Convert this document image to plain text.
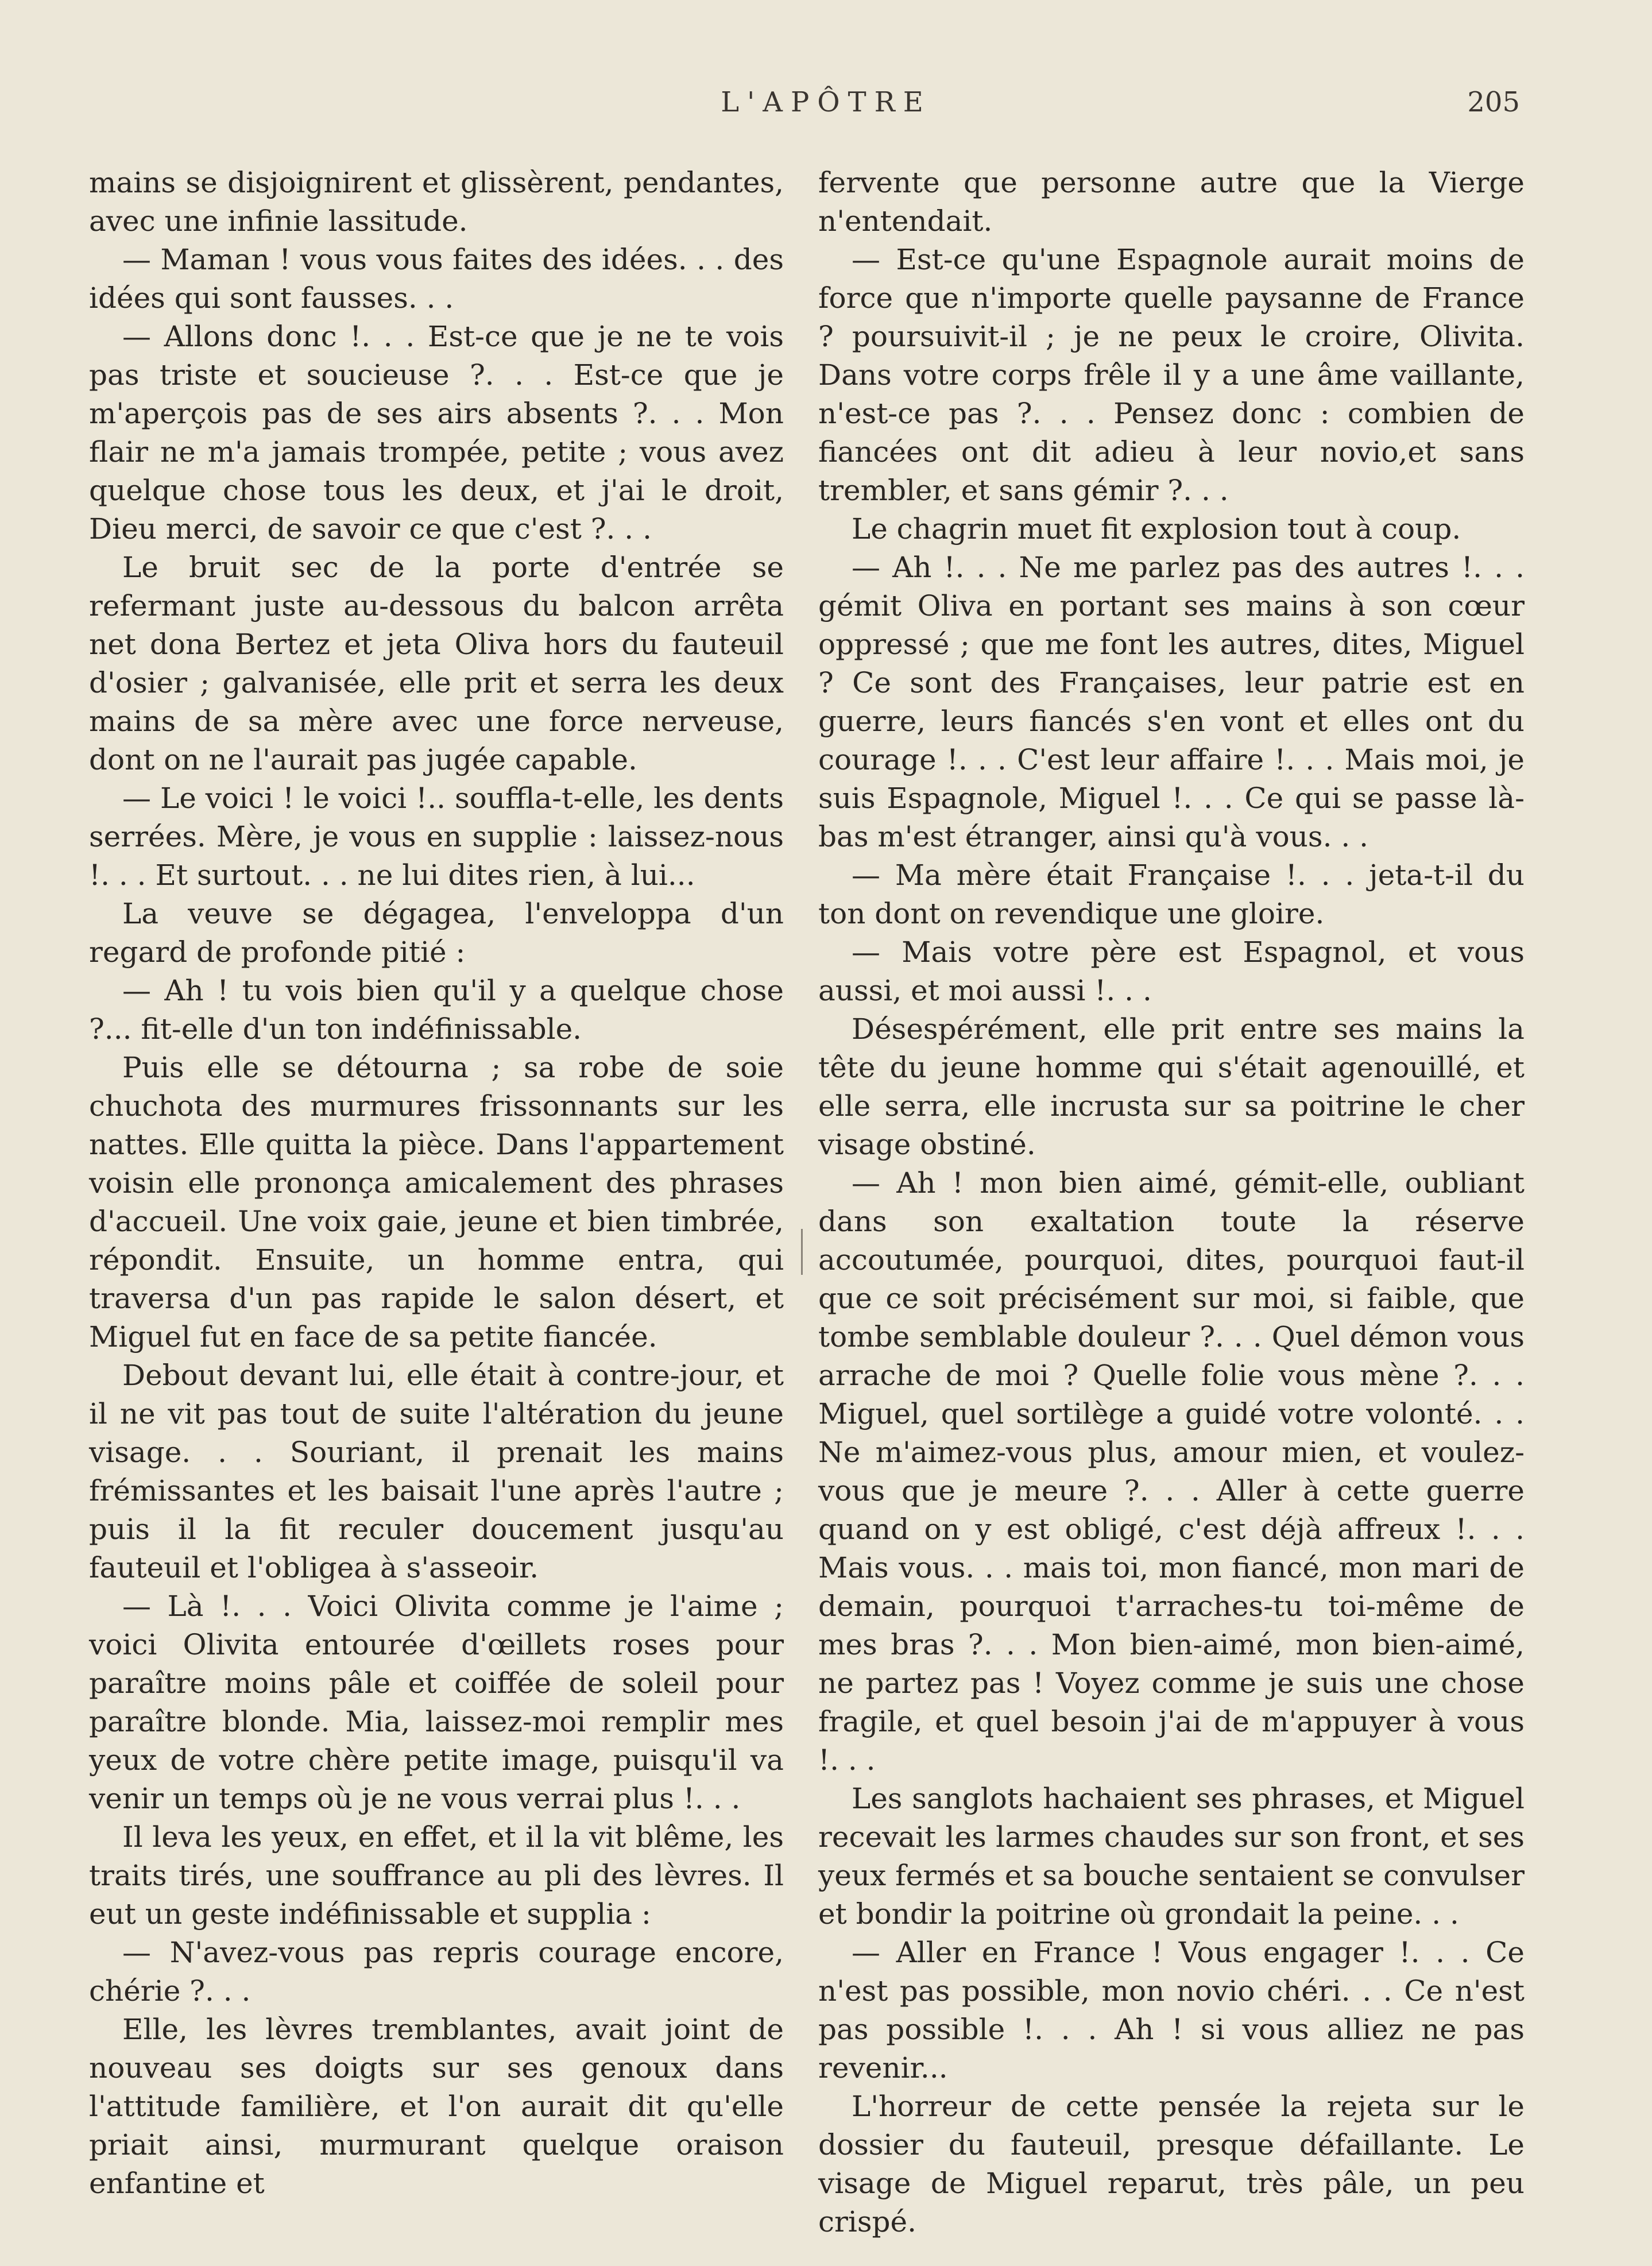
L'APÔTRE	205

mains se disjoignirent et glissèrent, pendantes, avec une infinie lassitude.

— Maman ! vous vous faites des idées. . . des idées qui sont fausses. . .

— Allons donc !. . . Est-ce que je ne te vois pas triste et soucieuse ?. . . Est-ce que je m'aperçois pas de ses airs absents ?. . . Mon flair ne m'a jamais trompée, petite ; vous avez quelque chose tous les deux, et j'ai le droit, Dieu merci, de savoir ce que c'est ?. . .

Le bruit sec de la porte d'entrée se refermant juste au-dessous du balcon arrêta net dona Bertez et jeta Oliva hors du fauteuil d'osier ; galvanisée, elle prit et serra les deux mains de sa mère avec une force nerveuse, dont on ne l'aurait pas jugée capable.

— Le voici ! le voici !.. souffla-t-elle, les dents serrées. Mère, je vous en supplie : laissez-nous !. . . Et surtout. . . ne lui dites rien, à lui...

La veuve se dégagea, l'enveloppa d'un regard de profonde pitié :

— Ah ! tu vois bien qu'il y a quelque chose ?... fit-elle d'un ton indéfinissable.

Puis elle se détourna ; sa robe de soie chuchota des murmures frissonnants sur les nattes. Elle quitta la pièce. Dans l'appartement voisin elle prononça amicalement des phrases d'accueil. Une voix gaie, jeune et bien timbrée, répondit. Ensuite, un homme entra, qui traversa d'un pas rapide le salon désert, et Miguel fut en face de sa petite fiancée.

Debout devant lui, elle était à contre-jour, et il ne vit pas tout de suite l'altération du jeune visage. . . Souriant, il prenait les mains frémissantes et les baisait l'une après l'autre ; puis il la fit reculer doucement jusqu'au fauteuil et l'obligea à s'asseoir.

— Là !. . . Voici Olivita comme je l'aime ; voici Olivita entourée d'œillets roses pour paraître moins pâle et coiffée de soleil pour paraître blonde. Mia, laissez-moi remplir mes yeux de votre chère petite image, puisqu'il va venir un temps où je ne vous verrai plus !. . .

Il leva les yeux, en effet, et il la vit blême, les traits tirés, une souffrance au pli des lèvres. Il eut un geste indéfinissable et supplia :

— N'avez-vous pas repris courage encore, chérie ?. . .

Elle, les lèvres tremblantes, avait joint de nouveau ses doigts sur ses genoux dans l'attitude familière, et l'on aurait dit qu'elle priait ainsi, murmurant quelque oraison enfantine et

fervente que personne autre que la Vierge n'entendait.

— Est-ce qu'une Espagnole aurait moins de force que n'importe quelle paysanne de France ? poursuivit-il ; je ne peux le croire, Olivita. Dans votre corps frêle il y a une âme vaillante, n'est-ce pas ?. . . Pensez donc : combien de fiancées ont dit adieu à leur novio,et sans trembler, et sans gémir ?. . .

Le chagrin muet fit explosion tout à coup.

— Ah !. . . Ne me parlez pas des autres !. . . gémit Oliva en portant ses mains à son cœur oppressé ; que me font les autres, dites, Miguel ? Ce sont des Françaises, leur patrie est en guerre, leurs fiancés s'en vont et elles ont du courage !. . . C'est leur affaire !. . . Mais moi, je suis Espagnole, Miguel !. . . Ce qui se passe là-bas m'est étranger, ainsi qu'à vous. . .

— Ma mère était Française !. . . jeta-t-il du ton dont on revendique une gloire.

— Mais votre père est Espagnol, et vous aussi, et moi aussi !. . .

Désespérément, elle prit entre ses mains la tête du jeune homme qui s'était agenouillé, et elle serra, elle incrusta sur sa poitrine le cher visage obstiné.

— Ah ! mon bien aimé, gémit-elle, oubliant dans son exaltation toute la réserve accoutumée, pourquoi, dites, pourquoi faut-il que ce soit précisément sur moi, si faible, que tombe semblable douleur ?. . . Quel démon vous arrache de moi ? Quelle folie vous mène ?. . . Miguel, quel sortilège a guidé votre volonté. . . Ne m'aimez-vous plus, amour mien, et voulez-vous que je meure ?. . . Aller à cette guerre quand on y est obligé, c'est déjà affreux !. . . Mais vous. . . mais toi, mon fiancé, mon mari de demain, pourquoi t'arraches-tu toi-même de mes bras ?. . . Mon bien-aimé, mon bien-aimé, ne partez pas ! Voyez comme je suis une chose fragile, et quel besoin j'ai de m'appuyer à vous !. . .

Les sanglots hachaient ses phrases, et Miguel recevait les larmes chaudes sur son front, et ses yeux fermés et sa bouche sentaient se convulser et bondir la poitrine où grondait la peine. . .

— Aller en France ! Vous engager !. . . Ce n'est pas possible, mon novio chéri. . . Ce n'est pas possible !. . . Ah ! si vous alliez ne pas revenir...

L'horreur de cette pensée la rejeta sur le dossier du fauteuil, presque défaillante. Le visage de Miguel reparut, très pâle, un peu crispé.
